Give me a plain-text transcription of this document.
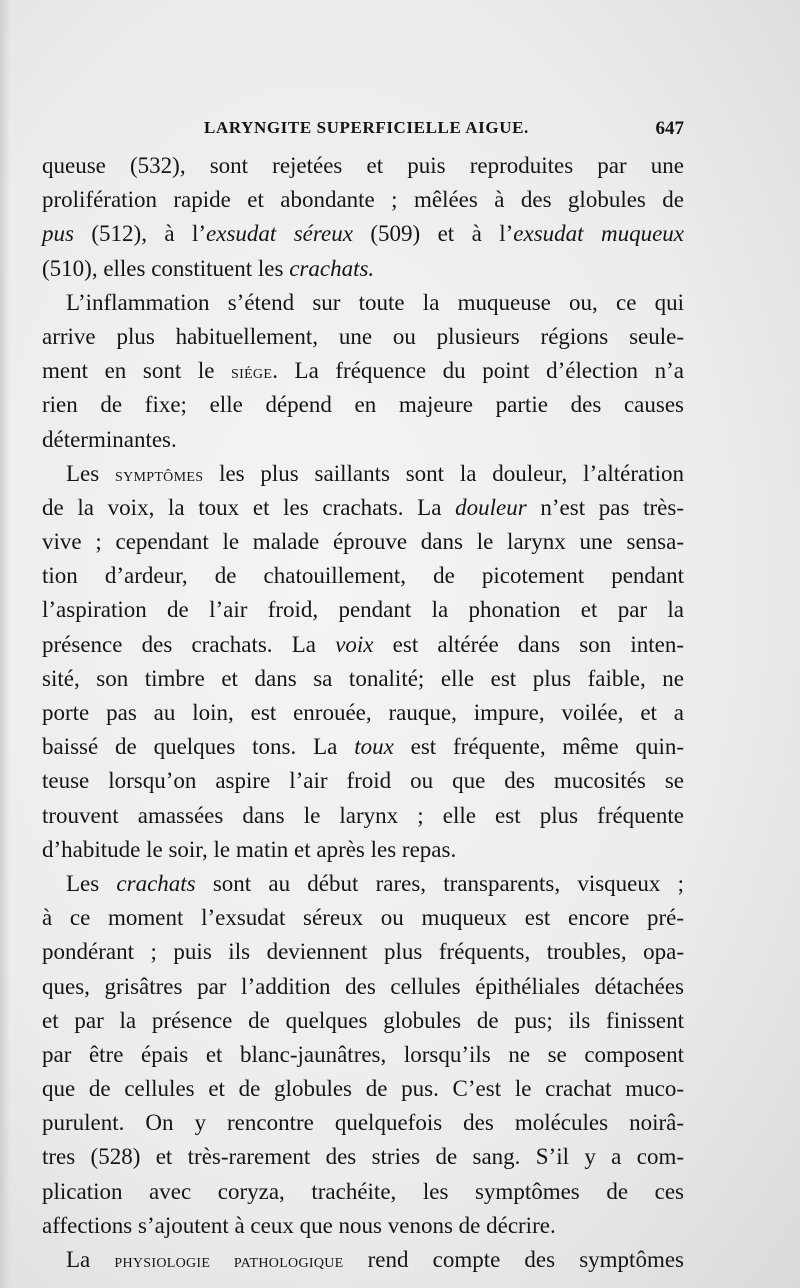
LARYNGITE SUPERFICIELLE AIGUE.	647
queuse (532), sont rejetées et puis reproduites par une
prolifération rapide et abondante ; mêlées à des globules de
pus (512), à l’exsudat séreux (509) et à l’exsudat muqueux
(510), elles constituent les crachats.
L’inflammation s’étend sur toute la muqueuse ou, ce qui
arrive plus habituellement, une ou plusieurs régions seule-
ment en sont le siége. La fréquence du point d’élection n’a
rien de fixe; elle dépend en majeure partie des causes
déterminantes.
Les symptômes les plus saillants sont la douleur, l’altération
de la voix, la toux et les crachats. La douleur n’est pas très-
vive ; cependant le malade éprouve dans le larynx une sensa-
tion d’ardeur, de chatouillement, de picotement pendant
l’aspiration de l’air froid, pendant la phonation et par la
présence des crachats. La voix est altérée dans son inten-
sité, son timbre et dans sa tonalité; elle est plus faible, ne
porte pas au loin, est enrouée, rauque, impure, voilée, et a
baissé de quelques tons. La toux est fréquente, même quin-
teuse lorsqu’on aspire l’air froid ou que des mucosités se
trouvent amassées dans le larynx ; elle est plus fréquente
d’habitude le soir, le matin et après les repas.
Les crachats sont au début rares, transparents, visqueux ;
à ce moment l’exsudat séreux ou muqueux est encore pré-
pondérant ; puis ils deviennent plus fréquents, troubles, opa-
ques, grisâtres par l’addition des cellules épithéliales détachées
et par la présence de quelques globules de pus; ils finissent
par être épais et blanc-jaunâtres, lorsqu’ils ne se composent
que de cellules et de globules de pus. C’est le crachat muco-
purulent. On y rencontre quelquefois des molécules noirâ-
tres (528) et très-rarement des stries de sang. S’il y a com-
plication avec coryza, trachéite, les symptômes de ces
affections s’ajoutent à ceux que nous venons de décrire.
La physiologie pathologique rend compte des symptômes
